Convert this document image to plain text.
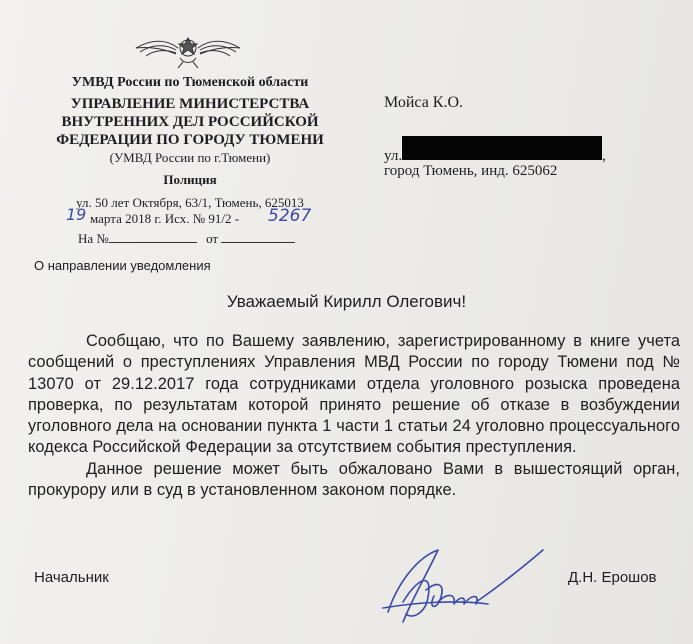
УМВД России по Тюменской области
УПРАВЛЕНИЕ МИНИСТЕРСТВА
ВНУТРЕННИХ ДЕЛ РОССИЙСКОЙ
ФЕДЕРАЦИИ ПО ГОРОДУ ТЮМЕНИ
(УМВД России по г.Тюмени)
Полиция
ул. 50 лет Октября, 63/1, Тюмень, 625013
марта 2018 г. Исх. № 91/2 -
19	5267
На №	от
О направлении уведомления
Мойса К.О.
ул.	,
город Тюмень, инд. 625062
Уважаемый Кирилл Олегович!

Сообщаю, что по Вашему заявлению, зарегистрированному в книге учета сообщений о преступлениях Управления МВД России по городу Тюмени под № 13070 от 29.12.2017 года сотрудниками отдела уголовного розыска проведена проверка, по результатам которой принято решение об отказе в возбуждении уголовного дела на основании пункта 1 части 1 статьи 24 уголовно процессуального кодекса Российской Федерации за отсутствием события преступления.

Данное решение может быть обжаловано Вами в вышестоящий орган, прокурору или в суд в установленном законом порядке.

Начальник	Д.Н. Ерошов
